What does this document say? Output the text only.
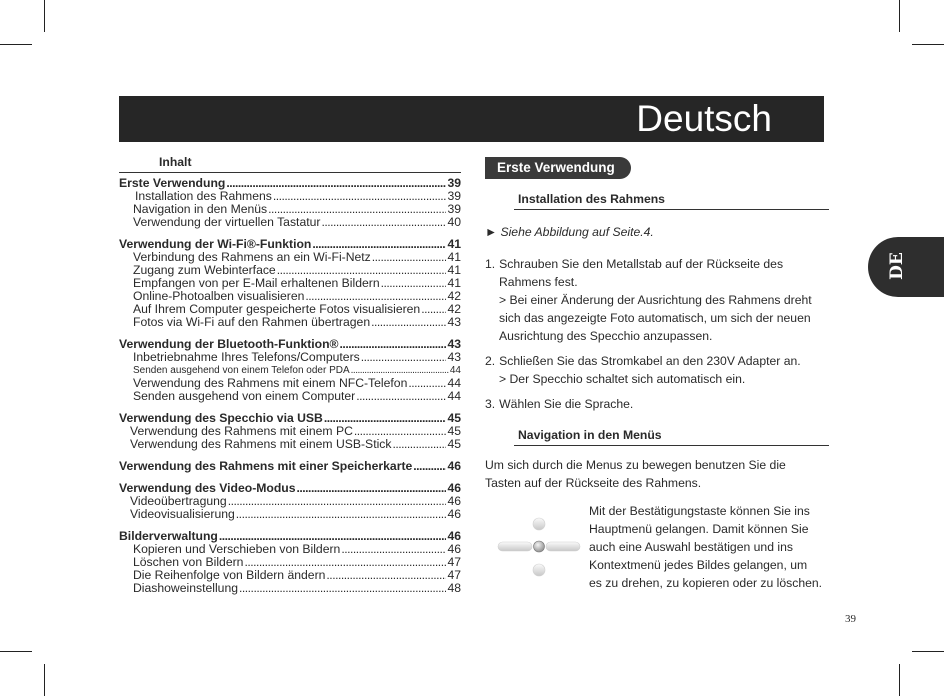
Deutsch
DE
Inhalt
Erste Verwendung .....	39
Installation des Rahmens .....	39
Navigation in den Menüs .....	39
Verwendung der virtuellen Tastatur .....	40
Verwendung der Wi-Fi®-Funktion .....	41
Verbindung des Rahmens an ein Wi-Fi-Netz .....	41
Zugang zum Webinterface .....	41
Empfangen von per E-Mail erhaltenen Bildern .....	41
Online-Photoalben visualisieren .....	42
Auf Ihrem Computer gespeicherte Fotos visualisieren ..... 42
Fotos via Wi-Fi auf den Rahmen übertragen .....	43
Verwendung der Bluetooth-Funktion® .....	43
Inbetriebnahme Ihres Telefons/Computers .....	43
Senden ausgehend von einem Telefon oder PDA .....	44
Verwendung des Rahmens mit einem NFC-Telefon .....	44
Senden ausgehend von einem Computer .....	44
Verwendung des Specchio via USB .....	45
Verwendung des Rahmens mit einem PC .....	45
Verwendung des Rahmens mit einem USB-Stick .....	45
Verwendung des Rahmens mit einer Speicherkarte .....	46
Verwendung des Video-Modus .....	46
Videoübertragung .....	46
Videovisualisierung .....	46
Bilderverwaltung .....	46
Kopieren und Verschieben von Bildern .....	46
Löschen von Bildern .....	47
Die Reihenfolge von Bildern ändern .....	47
Diashoweinstellung .....	48
Erste Verwendung
Installation des Rahmens
► Siehe Abbildung auf Seite.4.
1. Schrauben Sie den Metallstab auf der Rückseite des
Rahmens fest.
> Bei einer Änderung der Ausrichtung des Rahmens dreht
sich das angezeigte Foto automatisch, um sich der neuen
Ausrichtung des Specchio anzupassen.
2. Schließen Sie das Stromkabel an den 230V Adapter an.
> Der Specchio schaltet sich automatisch ein.
3. Wählen Sie die Sprache.
Navigation in den Menüs
Um sich durch die Menus zu bewegen benutzen Sie die
Tasten auf der Rückseite des Rahmens.
Mit der Bestätigungstaste können Sie ins
Hauptmenü gelangen. Damit können Sie
auch eine Auswahl bestätigen und ins
Kontextmenü jedes Bildes gelangen, um
es zu drehen, zu kopieren oder zu löschen.
39
